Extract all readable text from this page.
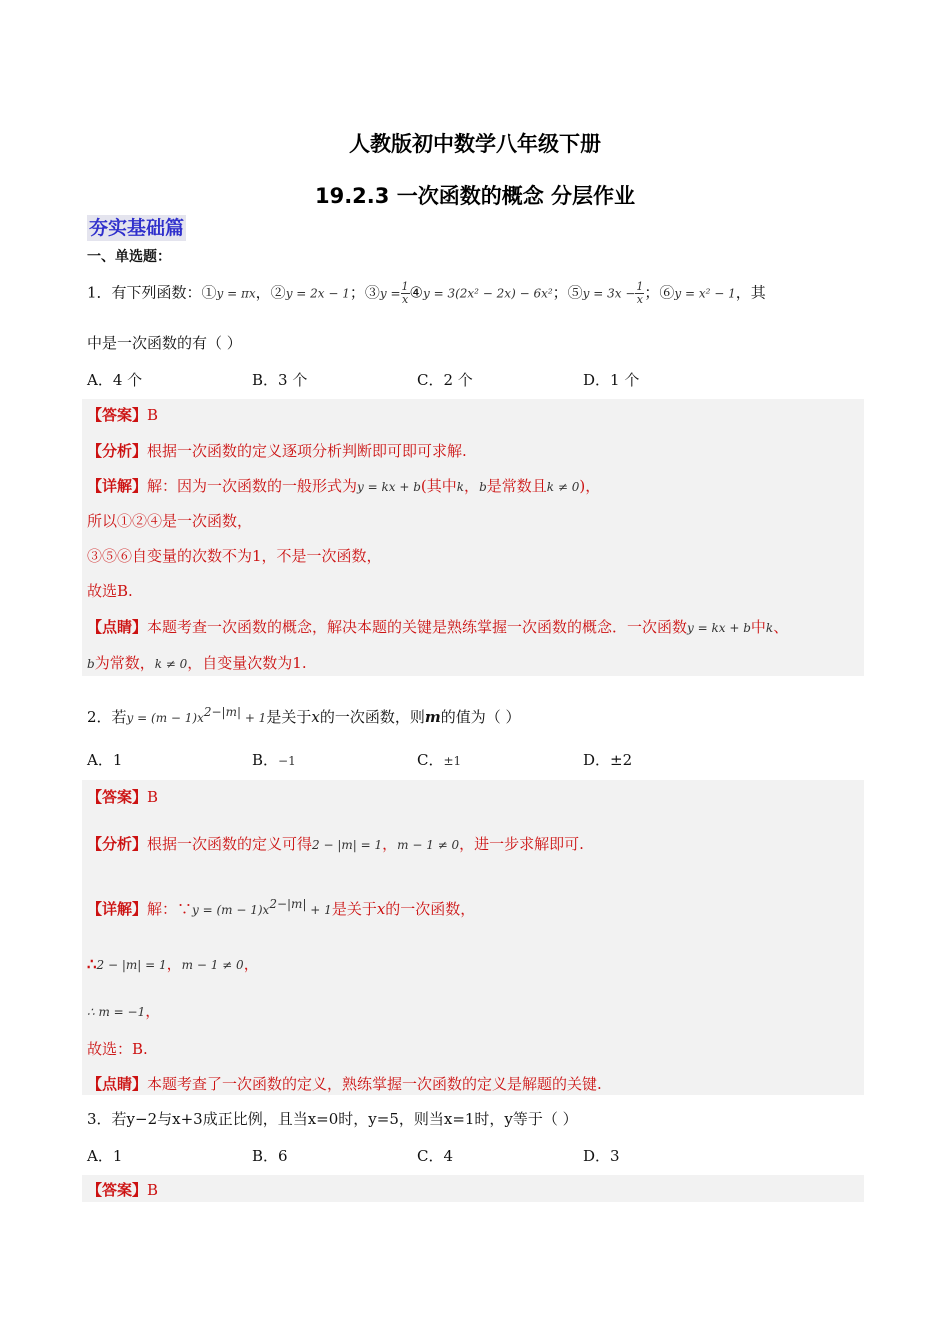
人教版初中数学八年级下册
19.2.3 一次函数的概念 分层作业
夯实基础篇
一、单选题：
1．有下列函数：①y = πx，②y = 2x − 1；③y = $\frac{1}{x}$ ④y = 3(2x² − 2x) − 6x²；⑤y = $3x - \frac{1}{x}$ ；⑥y = x² − 1，其
中是一次函数的有（ ）
A．4 个	B．3 个	C．2 个	D．1 个
【答案】B
【分析】根据一次函数的定义逐项分析判断即可即可求解.
【详解】解：因为一次函数的一般形式为y = kx + b(其中k，b是常数且k ≠ 0)，
所以①②④是一次函数，
③⑤⑥自变量的次数不为1，不是一次函数，
故选B.
【点睛】本题考查一次函数的概念，解决本题的关键是熟练掌握一次函数的概念．一次函数y = kx + b中k、
b为常数，k ≠ 0，自变量次数为1.
2．若$y = (m - 1)x^{2-|m|} + 1$是关于x的一次函数，则m的值为（ ）
A．1	B．−1	C．±1	D．±2
【答案】B
【分析】根据一次函数的定义可得2 − |m| = 1，m − 1 ≠ 0，进一步求解即可.
【详解】解：∵y = $(m - 1)x^{2-|m|} + 1$是关于x的一次函数，
∴2 − |m| = 1，m − 1 ≠ 0，
∴ m = −1，
故选：B.
【点睛】本题考查了一次函数的定义，熟练掌握一次函数的定义是解题的关键.
3．若y−2与x+3成正比例，且当x=0时，y=5，则当x=1时，y等于（ ）
A．1	B．6	C．4	D．3
【答案】B
